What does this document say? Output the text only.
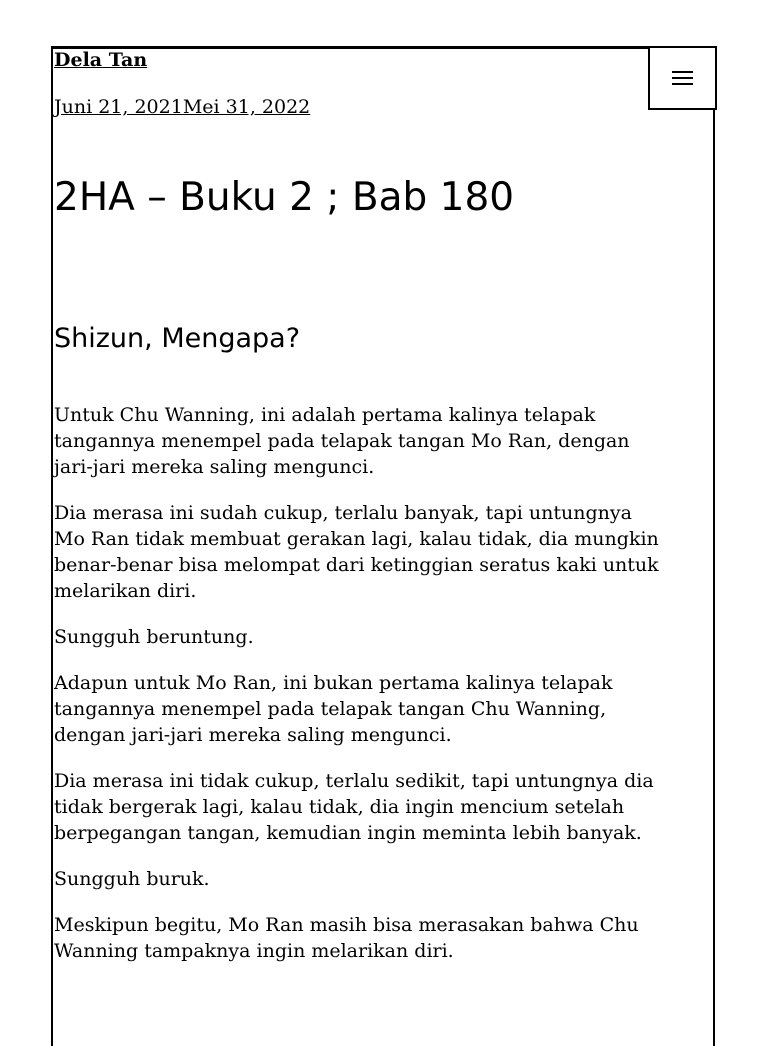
Dela Tan
Juni 21, 2021Mei 31, 2022
2HA – Buku 2 ; Bab 180
Shizun, Mengapa?

Untuk Chu Wanning, ini adalah pertama kalinya telapak
tangannya menempel pada telapak tangan Mo Ran, dengan
jari-jari mereka saling mengunci.

Dia merasa ini sudah cukup, terlalu banyak, tapi untungnya
Mo Ran tidak membuat gerakan lagi, kalau tidak, dia mungkin
benar-benar bisa melompat dari ketinggian seratus kaki untuk
melarikan diri.

Sungguh beruntung.

Adapun untuk Mo Ran, ini bukan pertama kalinya telapak
tangannya menempel pada telapak tangan Chu Wanning,
dengan jari-jari mereka saling mengunci.

Dia merasa ini tidak cukup, terlalu sedikit, tapi untungnya dia
tidak bergerak lagi, kalau tidak, dia ingin mencium setelah
berpegangan tangan, kemudian ingin meminta lebih banyak.

Sungguh buruk.

Meskipun begitu, Mo Ran masih bisa merasakan bahwa Chu
Wanning tampaknya ingin melarikan diri.
